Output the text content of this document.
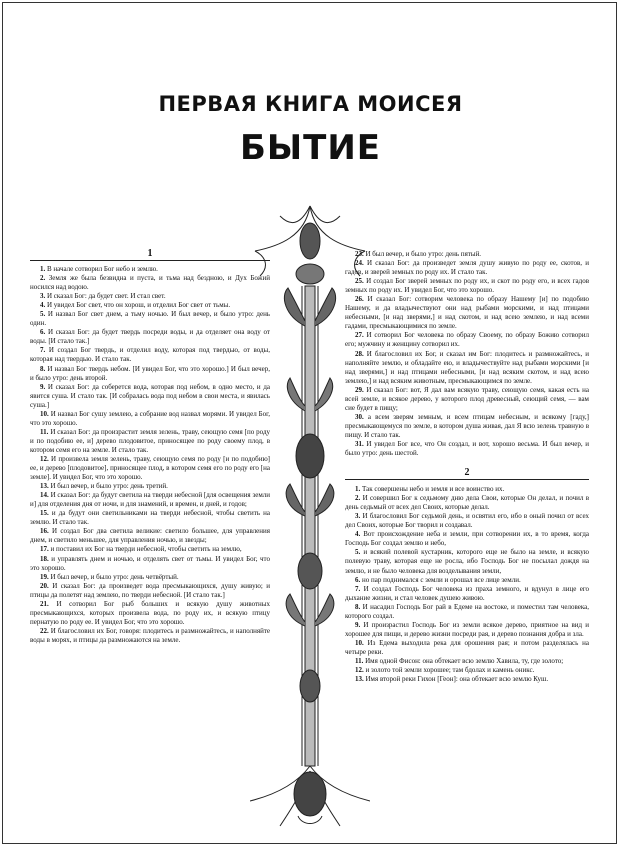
ПЕРВАЯ КНИГА МОИСЕЯ
БЫТИЕ
1

1. В начале сотворил Бог небо и землю.

2. Земля же была безвидна и пуста, и тьма над бездною, и Дух Божий носился над водою.

3. И сказал Бог: да будет свет. И стал свет.

4. И увидел Бог свет, что он хорош, и отделил Бог свет от тьмы.

5. И назвал Бог свет днем, а тьму ночью. И был вечер, и было утро: день один.

6. И сказал Бог: да будет твердь посреди воды, и да отделяет она воду от воды. [И стало так.]

7. И создал Бог твердь, и отделил воду, которая под твердью, от воды, которая над твердью. И стало так.

8. И назвал Бог твердь небом. [И увидел Бог, что это хорошо.] И был вечер, и было утро: день второй.

9. И сказал Бог: да соберется вода, которая под небом, в одно место, и да явится суша. И стало так. [И собралась вода под небом в свои места, и явилась суша.]

10. И назвал Бог сушу землею, а собрание вод назвал морями. И увидел Бог, что это хорошо.

11. И сказал Бог: да произрастит земля зелень, траву, сеющую семя [по роду и по подобию ее, и] дерево плодовитое, приносящее по роду своему плод, в котором семя его на земле. И стало так.

12. И произвела земля зелень, траву, сеющую семя по роду [и по подобию] ее, и дерево [плодовитое], приносящее плод, в котором семя его по роду его [на земле]. И увидел Бог, что это хорошо.

13. И был вечер, и было утро: день третий.

14. И сказал Бог: да будут светила на тверди небесной [для освещения земли и] для отделения дня от ночи, и для знамений, и времен, и дней, и годов;

15. и да будут они светильниками на тверди небесной, чтобы светить на землю. И стало так.

16. И создал Бог два светила великие: светило большее, для управления днем, и светило меньшее, для управления ночью, и звезды;

17. и поставил их Бог на тверди небесной, чтобы светить на землю,

18. и управлять днем и ночью, и отделять свет от тьмы. И увидел Бог, что это хорошо.

19. И был вечер, и было утро: день четвёртый.

20. И сказал Бог: да произведет вода пресмыкающихся, душу живую; и птицы да полетят над землею, по тверди небесной. [И стало так.]

21. И сотворил Бог рыб больших и всякую душу животных пресмыкающихся, которых произвела вода, по роду их, и всякую птицу пернатую по роду ее. И увидел Бог, что это хорошо.

22. И благословил их Бог, говоря: плодитесь и размножайтесь, и наполняйте воды в морях, и птицы да размножаются на земле.

23. И был вечер, и было утро: день пятый.

24. И сказал Бог: да произведет земля душу живую по роду ее, скотов, и гадов, и зверей земных по роду их. И стало так.

25. И создал Бог зверей земных по роду их, и скот по роду его, и всех гадов земных по роду их. И увидел Бог, что это хорошо.

26. И сказал Бог: сотворим человека по образу Нашему [и] по подобию Нашему, и да владычествуют они над рыбами морскими, и над птицами небесными, [и над зверями,] и над скотом, и над всею землею, и над всеми гадами, пресмыкающимися по земле.

27. И сотворил Бог человека по образу Своему, по образу Божию сотворил его; мужчину и женщину сотворил их.

28. И благословил их Бог, и сказал им Бог: плодитесь и размножайтесь, и наполняйте землю, и обладайте ею, и владычествуйте над рыбами морскими [и над зверями,] и над птицами небесными, [и над всяким скотом, и над всею землею,] и над всяким животным, пресмыкающимся по земле.

29. И сказал Бог: вот, Я дал вам всякую траву, сеющую семя, какая есть на всей земле, и всякое дерево, у которого плод древесный, сеющий семя, — вам сие будет в пищу;

30. а всем зверям земным, и всем птицам небесным, и всякому [гаду,] пресмыкающемуся по земле, в котором душа живая, дал Я всю зелень травную в пищу. И стало так.

31. И увидел Бог все, что Он создал, и вот, хорошо весьма. И был вечер, и было утро: день шестой.

2

1. Так совершены небо и земля и все воинство их.

2. И совершил Бог к седьмому дню дела Свои, которые Он делал, и почил в день седьмый от всех дел Своих, которые делал.

3. И благословил Бог седьмой день, и освятил его, ибо в оный почил от всех дел Своих, которые Бог творил и создавал.

4. Вот происхождение неба и земли, при сотворении их, в то время, когда Господь Бог создал землю и небо,

5. и всякий полевой кустарник, которого еще не было на земле, и всякую полевую траву, которая еще не росла, ибо Господь Бог не посылал дождя на землю, и не было человека для возделывания земли,

6. но пар поднимался с земли и орошал все лице земли.

7. И создал Господь Бог человека из праха земного, и вдунул в лице его дыхание жизни, и стал человек душею живою.

8. И насадил Господь Бог рай в Едеме на востоке, и поместил там человека, которого создал.

9. И произрастил Господь Бог из земли всякое дерево, приятное на вид и хорошее для пищи, и дерево жизни посреди рая, и дерево познания добра и зла.

10. Из Едема выходила река для орошения рая; и потом разделялась на четыре реки.

11. Имя одной Фисон: она обтекает всю землю Хавила, ту, где золото;

12. и золото той земли хорошее; там бдолах и камень оникс.

13. Имя второй реки Гихон [Геон]: она обтекает всю землю Куш.
